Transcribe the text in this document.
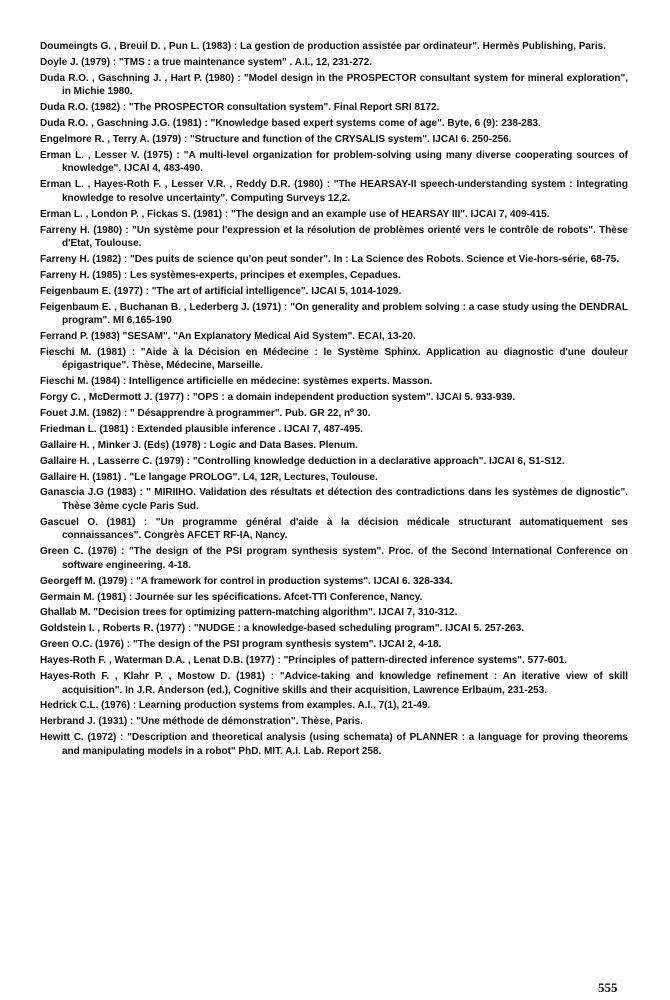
Doumeingts G. , Breuil D. , Pun L. (1983) : La gestion de production assistée par ordinateur". Hermès Publishing, Paris.

Doyle J. (1979) : "TMS : a true maintenance system" . A.I., 12, 231-272.

Duda R.O. , Gaschning J. , Hart P. (1980) : "Model design in the PROSPECTOR consultant system for mineral exploration", in Michie 1980.

Duda R.O. (1982) : "The PROSPECTOR consultation system". Final Report SRI 8172.

Duda R.O. , Gaschning J.G. (1981) : "Knowledge based expert systems come of age". Byte, 6 (9): 238-283.

Engelmore R. , Terry A. (1979) : "Structure and function of the CRYSALIS system". IJCAI 6. 250-256.

Erman L. , Lesser V. (1975) : "A multi-level organization for problem-solving using many diverse cooperating sources of knowledge". IJCAI 4, 483-490.

Erman L. , Hayes-Roth F. , Lesser V.R. , Reddy D.R. (1980) : "The HEARSAY-II speech-understanding system : Integrating knowledge to resolve uncertainty". Computing Surveys 12,2.

Erman L. , London P. , Fickas S. (1981) : "The design and an example use of HEARSAY III". IJCAI 7, 409-415.

Farreny H. (1980) : "Un système pour l'expression et la résolution de problèmes orienté vers le contrôle de robots". Thèse d'Etat, Toulouse.

Farreny H. (1982) : "Des puits de science qu'on peut sonder". In : La Science des Robots. Science et Vie-hors-série, 68-75.

Farreny H. (1985) : Les systèmes-experts, principes et exemples, Cepadues.

Feigenbaum E. (1977) : "The art of artificial intelligence". IJCAI 5, 1014-1029.

Feigenbaum E. , Buchanan B. , Lederberg J. (1971) : "On generality and problem solving : a case study using the DENDRAL program". MI 6,165-190

Ferrand P. (1983) "SESAM". "An Explanatory Medical Aid System". ECAI, 13-20.

Fieschi M. (1981) : "Aide à la Décision en Médecine : le Système Sphinx. Application au diagnostic d'une douleur épigastrique". Thèse, Médecine, Marseille.

Fieschi M. (1984) : Intelligence artificielle en médecine: systèmes experts. Masson.

Forgy C. , McDermott J. (1977) : "OPS : a domain independent production system". IJCAI 5. 933-939.

Fouet J.M. (1982) : " Désapprendre à programmer". Pub. GR 22, nº 30.

Friedman L. (1981) : Extended plausible inference . IJCAI 7, 487-495.

Gallaire H. , Minker J. (Eds) (1978) : Logic and Data Bases. Plenum.

Gallaire H. , Lasserre C. (1979) : "Controlling knowledge deduction in a declarative approach". IJCAI 6, S1-S12.

Gallaire H. (1981) . "Le langage PROLOG". L4, 12R, Lectures, Toulouse.

Ganascia J.G (1983) : " MIRIIHO. Validation des résultats et détection des contradictions dans les systèmes de dignostic". Thèse 3ème cycle Paris Sud.

Gascuel O. (1981) : "Un programme général d'aide à la décision médicale structurant automatiquement ses connaissances". Congrès AFCET RF-IA, Nancy.

Green C. (1976) : "The design of the PSI program synthesis system". Proc. of the Second International Conference on software engineering. 4-18.

Georgeff M. (1979) : "A framework for control in production systems". IJCAI 6. 328-334.

Germain M. (1981) : Journée sur les spécifications. Afcet-TTI Conference, Nancy.

Ghallab M. "Decision trees for optimizing pattern-matching algorithm". IJCAI 7, 310-312.

Goldstein I. , Roberts R. (1977) : "NUDGE : a knowledge-based scheduling program". IJCAI 5. 257-263.

Green O.C. (1976) : "The design of the PSI program synthesis system". IJCAI 2, 4-18.

Hayes-Roth F. , Waterman D.A. , Lenat D.B. (1977) : "Principles of pattern-directed inference systems". 577-601.

Hayes-Roth F. , Klahr P. , Mostow D. (1981) : "Advice-taking and knowledge refinement : An iterative view of skill acquisition". In J.R. Anderson (ed.), Cognitive skills and their acquisition, Lawrence Erlbaum, 231-253.

Hedrick C.L. (1976) : Learning production systems from examples. A.I., 7(1), 21-49.

Herbrand J. (1931) : "Une méthode de démonstration". Thèse, Paris.

Hewitt C. (1972) : "Description and theoretical analysis (using schemata) of PLANNER : a language for proving theorems and manipulating models in a robot" PhD. MIT. A.I. Lab. Report 258.

555
